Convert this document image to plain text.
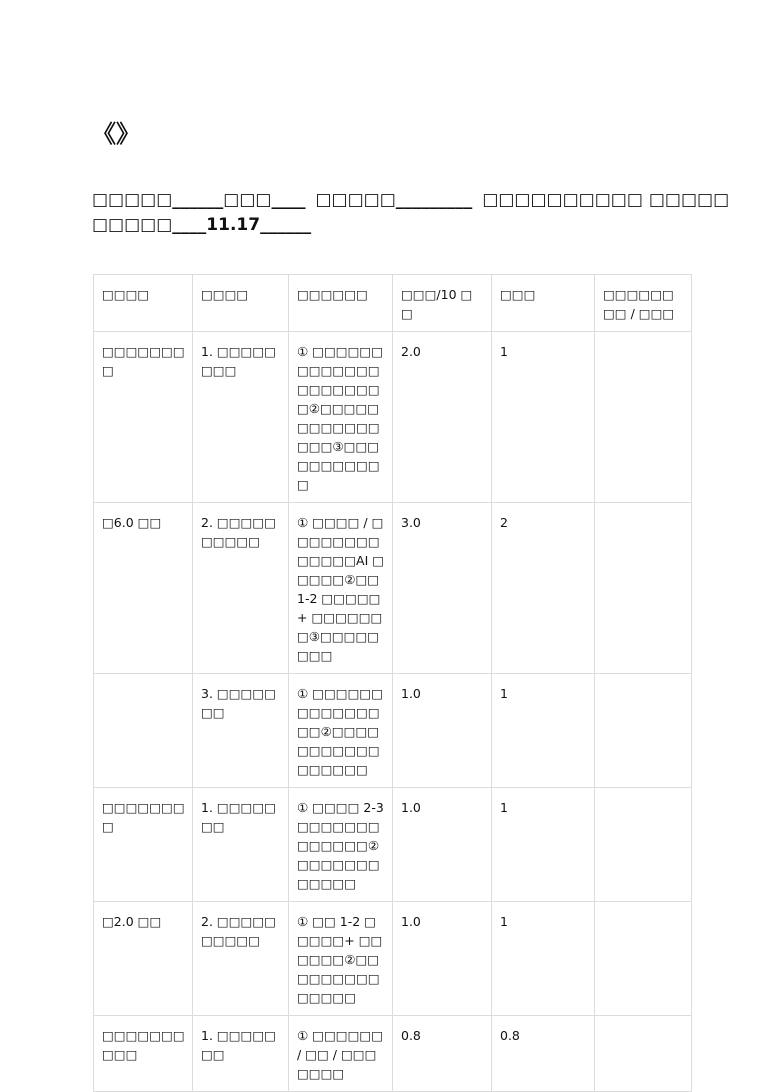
《》
□□□□□______□□□____ □□□□□_________ □□□□□□□□□□ □□□□□
□□□□□____11.17______
□□□□	□□□□	□□□□□□	□□□/10 □□	□□□	□□□□□□□□ / □□□
□□□□□□□□	1. □□□□□□□□	① □□□□□□□□□□□□□□□□□□□□□②□□□□□□□□□□□□□□□③□□□□□□□□□□□	2.0	1	
□6.0 □□	2. □□□□□□□□□□	① □□□□ / □□□□□□□□□□□□□AI □□□□□②□□ 1-2 □□□□□+ □□□□□□□③□□□□□□□□	3.0	2	
	3. □□□□□□□	① □□□□□□□□□□□□□□□②□□□□□□□□□□□□□□□□□	1.0	1	
□□□□□□□□	1. □□□□□□□	① □□□□ 2-3 □□□□□□□□□□□□□②□□□□□□□□□□□□	1.0	1	
□2.0 □□	2. □□□□□□□□□□	① □□ 1-2 □□□□□+ □□□□□□②□□□□□□□□□□□□□□	1.0	1	
□□□□□□□□□□	1. □□□□□□□	① □□□□□□ / □□ / □□□□□□□	0.8	0.8	
